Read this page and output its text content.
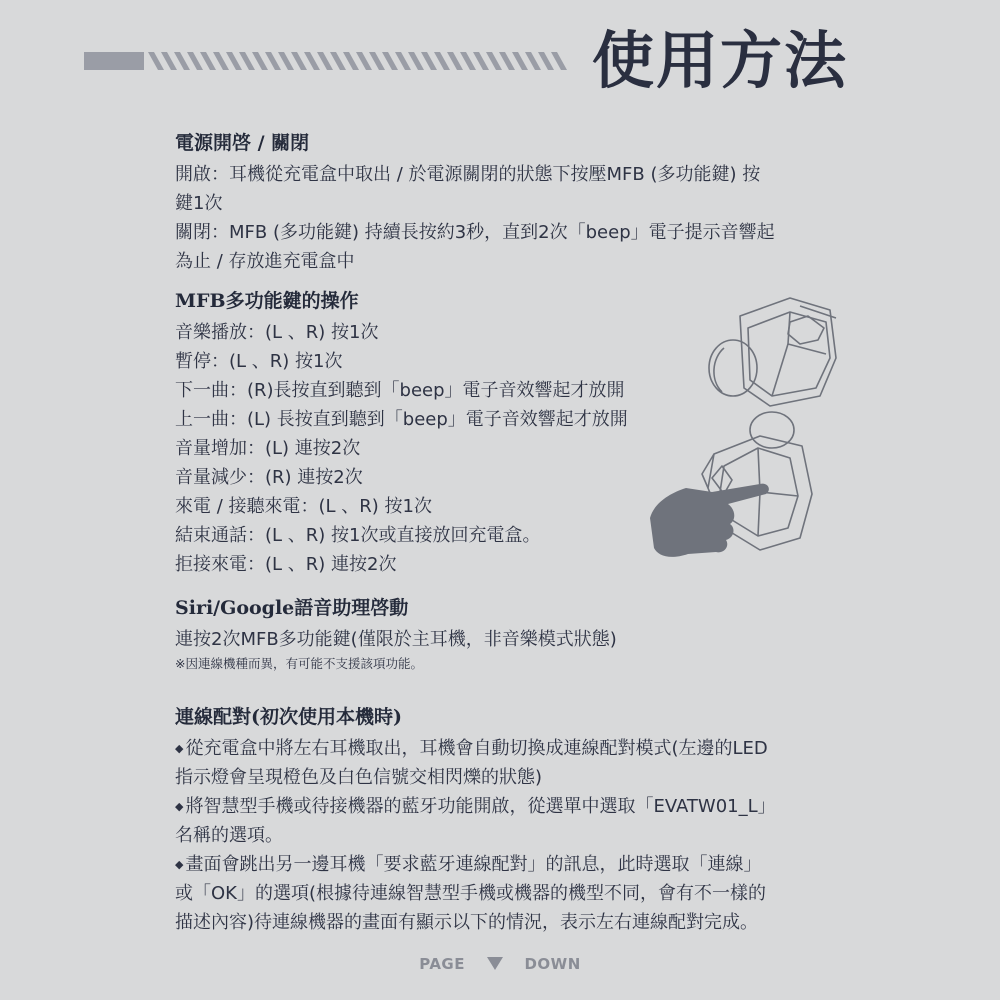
使用方法
電源開啓 / 關閉
開啟：耳機從充電盒中取出 / 於電源關閉的狀態下按壓MFB (多功能鍵) 按
鍵1次
關閉：MFB (多功能鍵) 持續長按約3秒，直到2次「beep」電子提示音響起
為止 / 存放進充電盒中
MFB多功能鍵的操作
音樂播放：(L 、R) 按1次
暫停：(L 、R) 按1次
下一曲：(R)長按直到聽到「beep」電子音效響起才放開
上一曲：(L) 長按直到聽到「beep」電子音效響起才放開
音量增加：(L) 連按2次
音量減少：(R) 連按2次
來電 / 接聽來電：(L 、R) 按1次
結束通話：(L 、R) 按1次或直接放回充電盒。
拒接來電：(L 、R) 連按2次
Siri/Google語音助理啓動
連按2次MFB多功能鍵(僅限於主耳機，非音樂模式狀態)
※因連線機種而異，有可能不支援該項功能。
連線配對(初次使用本機時)
◆ 從充電盒中將左右耳機取出，耳機會自動切換成連線配對模式(左邊的LED
指示燈會呈現橙色及白色信號交相閃爍的狀態)
◆ 將智慧型手機或待接機器的藍牙功能開啟，從選單中選取「EVATW01_L」
名稱的選項。
◆ 畫面會跳出另一邊耳機「要求藍牙連線配對」的訊息，此時選取「連線」
或「OK」的選項(根據待連線智慧型手機或機器的機型不同，會有不一樣的
描述內容)待連線機器的畫面有顯示以下的情況，表示左右連線配對完成。
PAGE	DOWN
